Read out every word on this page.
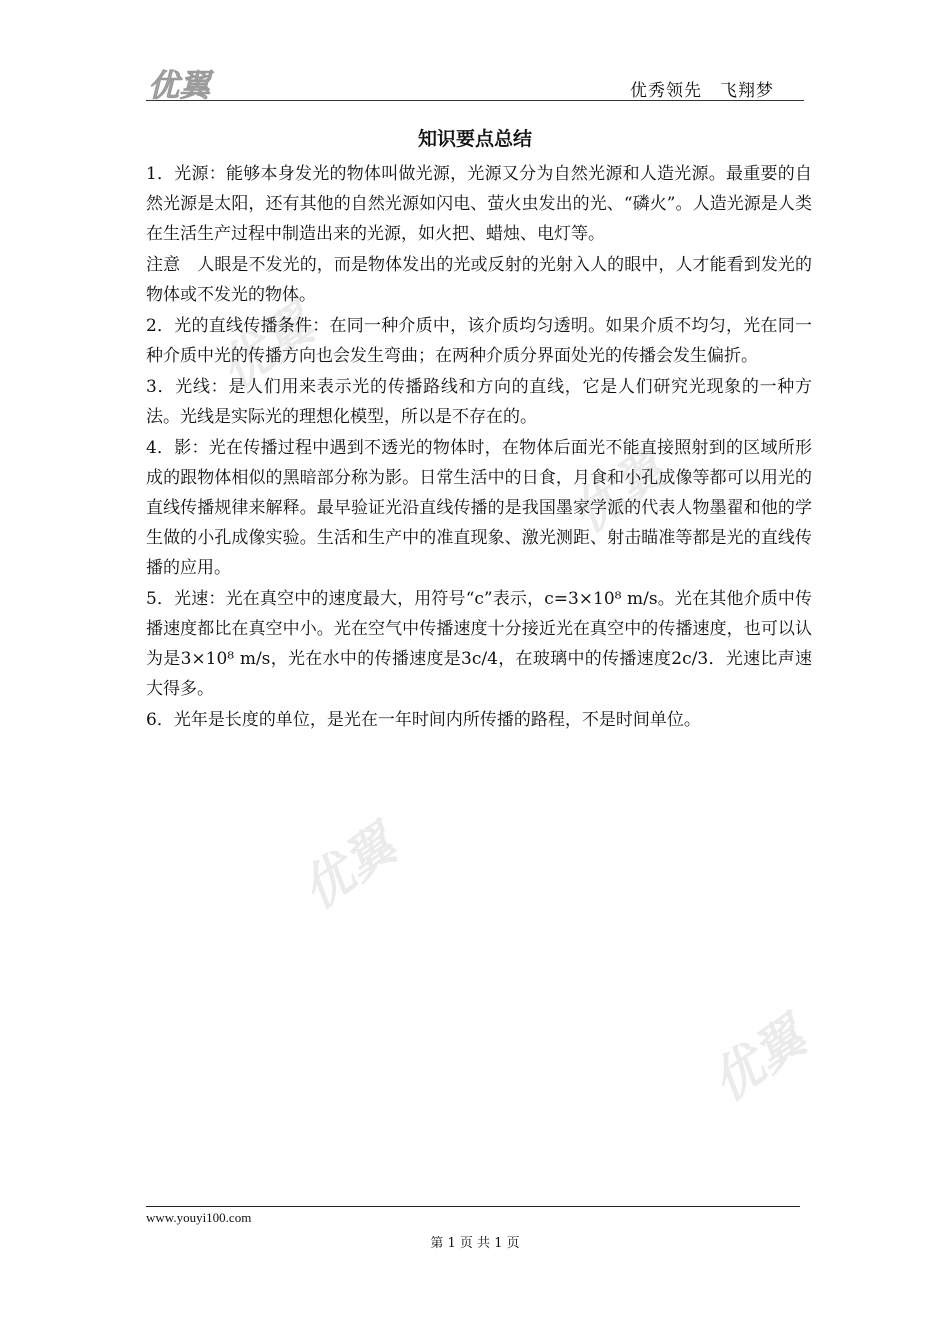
优翼	优秀领先　飞翔梦
优翼
优翼
优翼
优翼
知识要点总结

1．光源：能够本身发光的物体叫做光源，光源又分为自然光源和人造光源。最重要的自然光源是太阳，还有其他的自然光源如闪电、萤火虫发出的光、“磷火”。人造光源是人类在生活生产过程中制造出来的光源，如火把、蜡烛、电灯等。

注意　人眼是不发光的，而是物体发出的光或反射的光射入人的眼中，人才能看到发光的物体或不发光的物体。

2．光的直线传播条件：在同一种介质中，该介质均匀透明。如果介质不均匀，光在同一种介质中光的传播方向也会发生弯曲；在两种介质分界面处光的传播会发生偏折。

3．光线：是人们用来表示光的传播路线和方向的直线，它是人们研究光现象的一种方法。光线是实际光的理想化模型，所以是不存在的。

4．影：光在传播过程中遇到不透光的物体时，在物体后面光不能直接照射到的区域所形成的跟物体相似的黑暗部分称为影。日常生活中的日食，月食和小孔成像等都可以用光的直线传播规律来解释。最早验证光沿直线传播的是我国墨家学派的代表人物墨翟和他的学生做的小孔成像实验。生活和生产中的准直现象、激光测距、射击瞄准等都是光的直线传播的应用。

5．光速：光在真空中的速度最大，用符号“c”表示，c=3×10⁸ m/s。光在其他介质中传播速度都比在真空中小。光在空气中传播速度十分接近光在真空中的传播速度，也可以认为是3×10⁸ m/s，光在水中的传播速度是3c/4，在玻璃中的传播速度2c/3．光速比声速大得多。

6．光年是长度的单位，是光在一年时间内所传播的路程，不是时间单位。

www.youyi100.com
第 1 页 共 1 页
